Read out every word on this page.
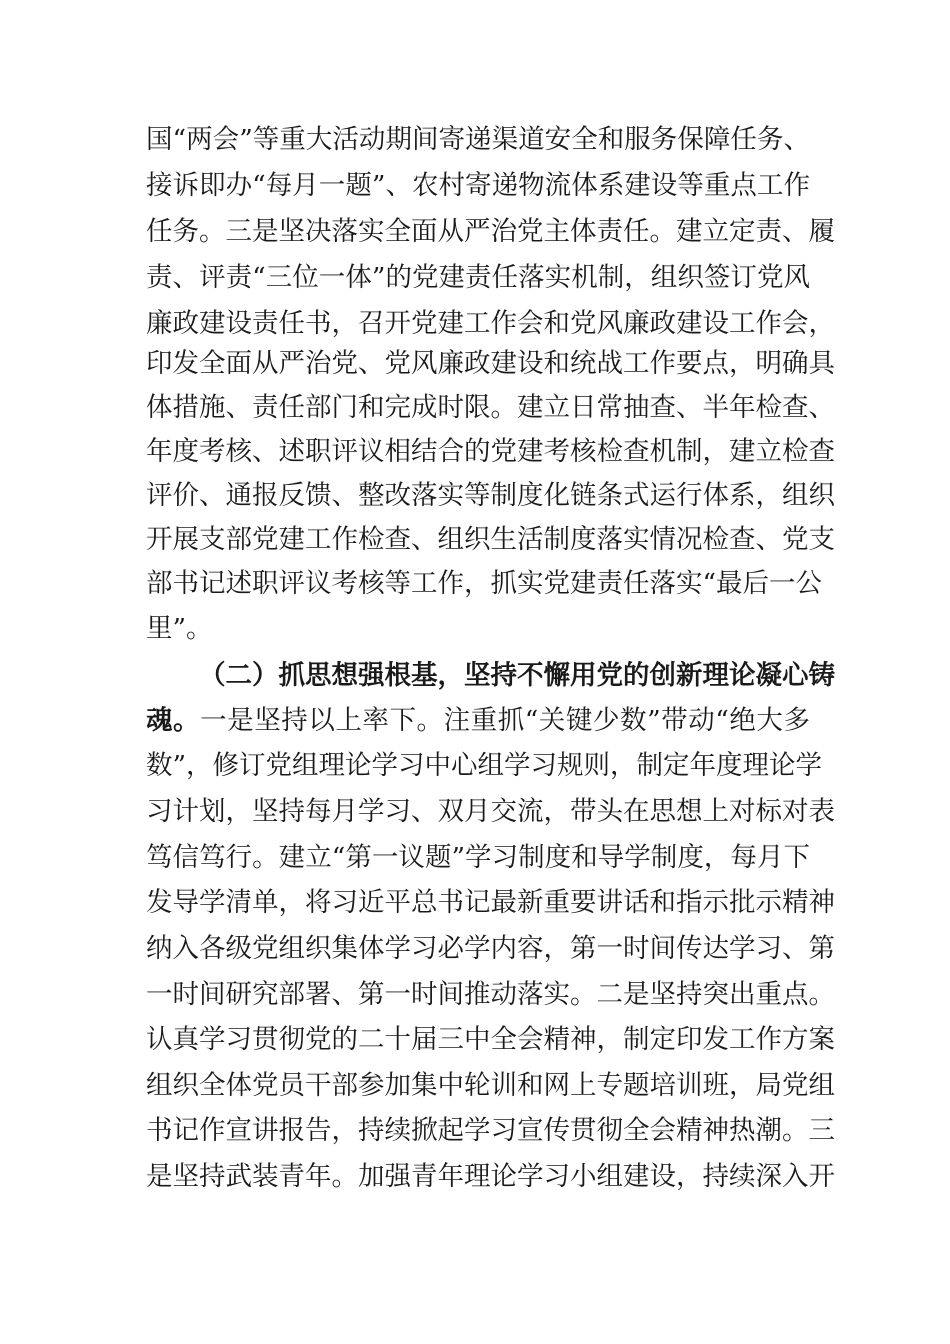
国“两会”等重大活动期间寄递渠道安全和服务保障任务、
接诉即办“每月一题”、农村寄递物流体系建设等重点工作
任务。三是坚决落实全面从严治党主体责任。建立定责、履
责、评责“三位一体”的党建责任落实机制，组织签订党风
廉政建设责任书，召开党建工作会和党风廉政建设工作会，
印发全面从严治党、党风廉政建设和统战工作要点，明确具
体措施、责任部门和完成时限。建立日常抽查、半年检查、
年度考核、述职评议相结合的党建考核检查机制，建立检查
评价、通报反馈、整改落实等制度化链条式运行体系，组织
开展支部党建工作检查、组织生活制度落实情况检查、党支
部书记述职评议考核等工作，抓实党建责任落实“最后一公
里”。
（二）抓思想强根基，坚持不懈用党的创新理论凝心铸
魂。一是坚持以上率下。注重抓“关键少数”带动“绝大多
数”，修订党组理论学习中心组学习规则，制定年度理论学
习计划，坚持每月学习、双月交流，带头在思想上对标对表
笃信笃行。建立“第一议题”学习制度和导学制度，每月下
发导学清单，将习近平总书记最新重要讲话和指示批示精神
纳入各级党组织集体学习必学内容，第一时间传达学习、第
一时间研究部署、第一时间推动落实。二是坚持突出重点。
认真学习贯彻党的二十届三中全会精神，制定印发工作方案
组织全体党员干部参加集中轮训和网上专题培训班，局党组
书记作宣讲报告，持续掀起学习宣传贯彻全会精神热潮。三
是坚持武装青年。加强青年理论学习小组建设，持续深入开
